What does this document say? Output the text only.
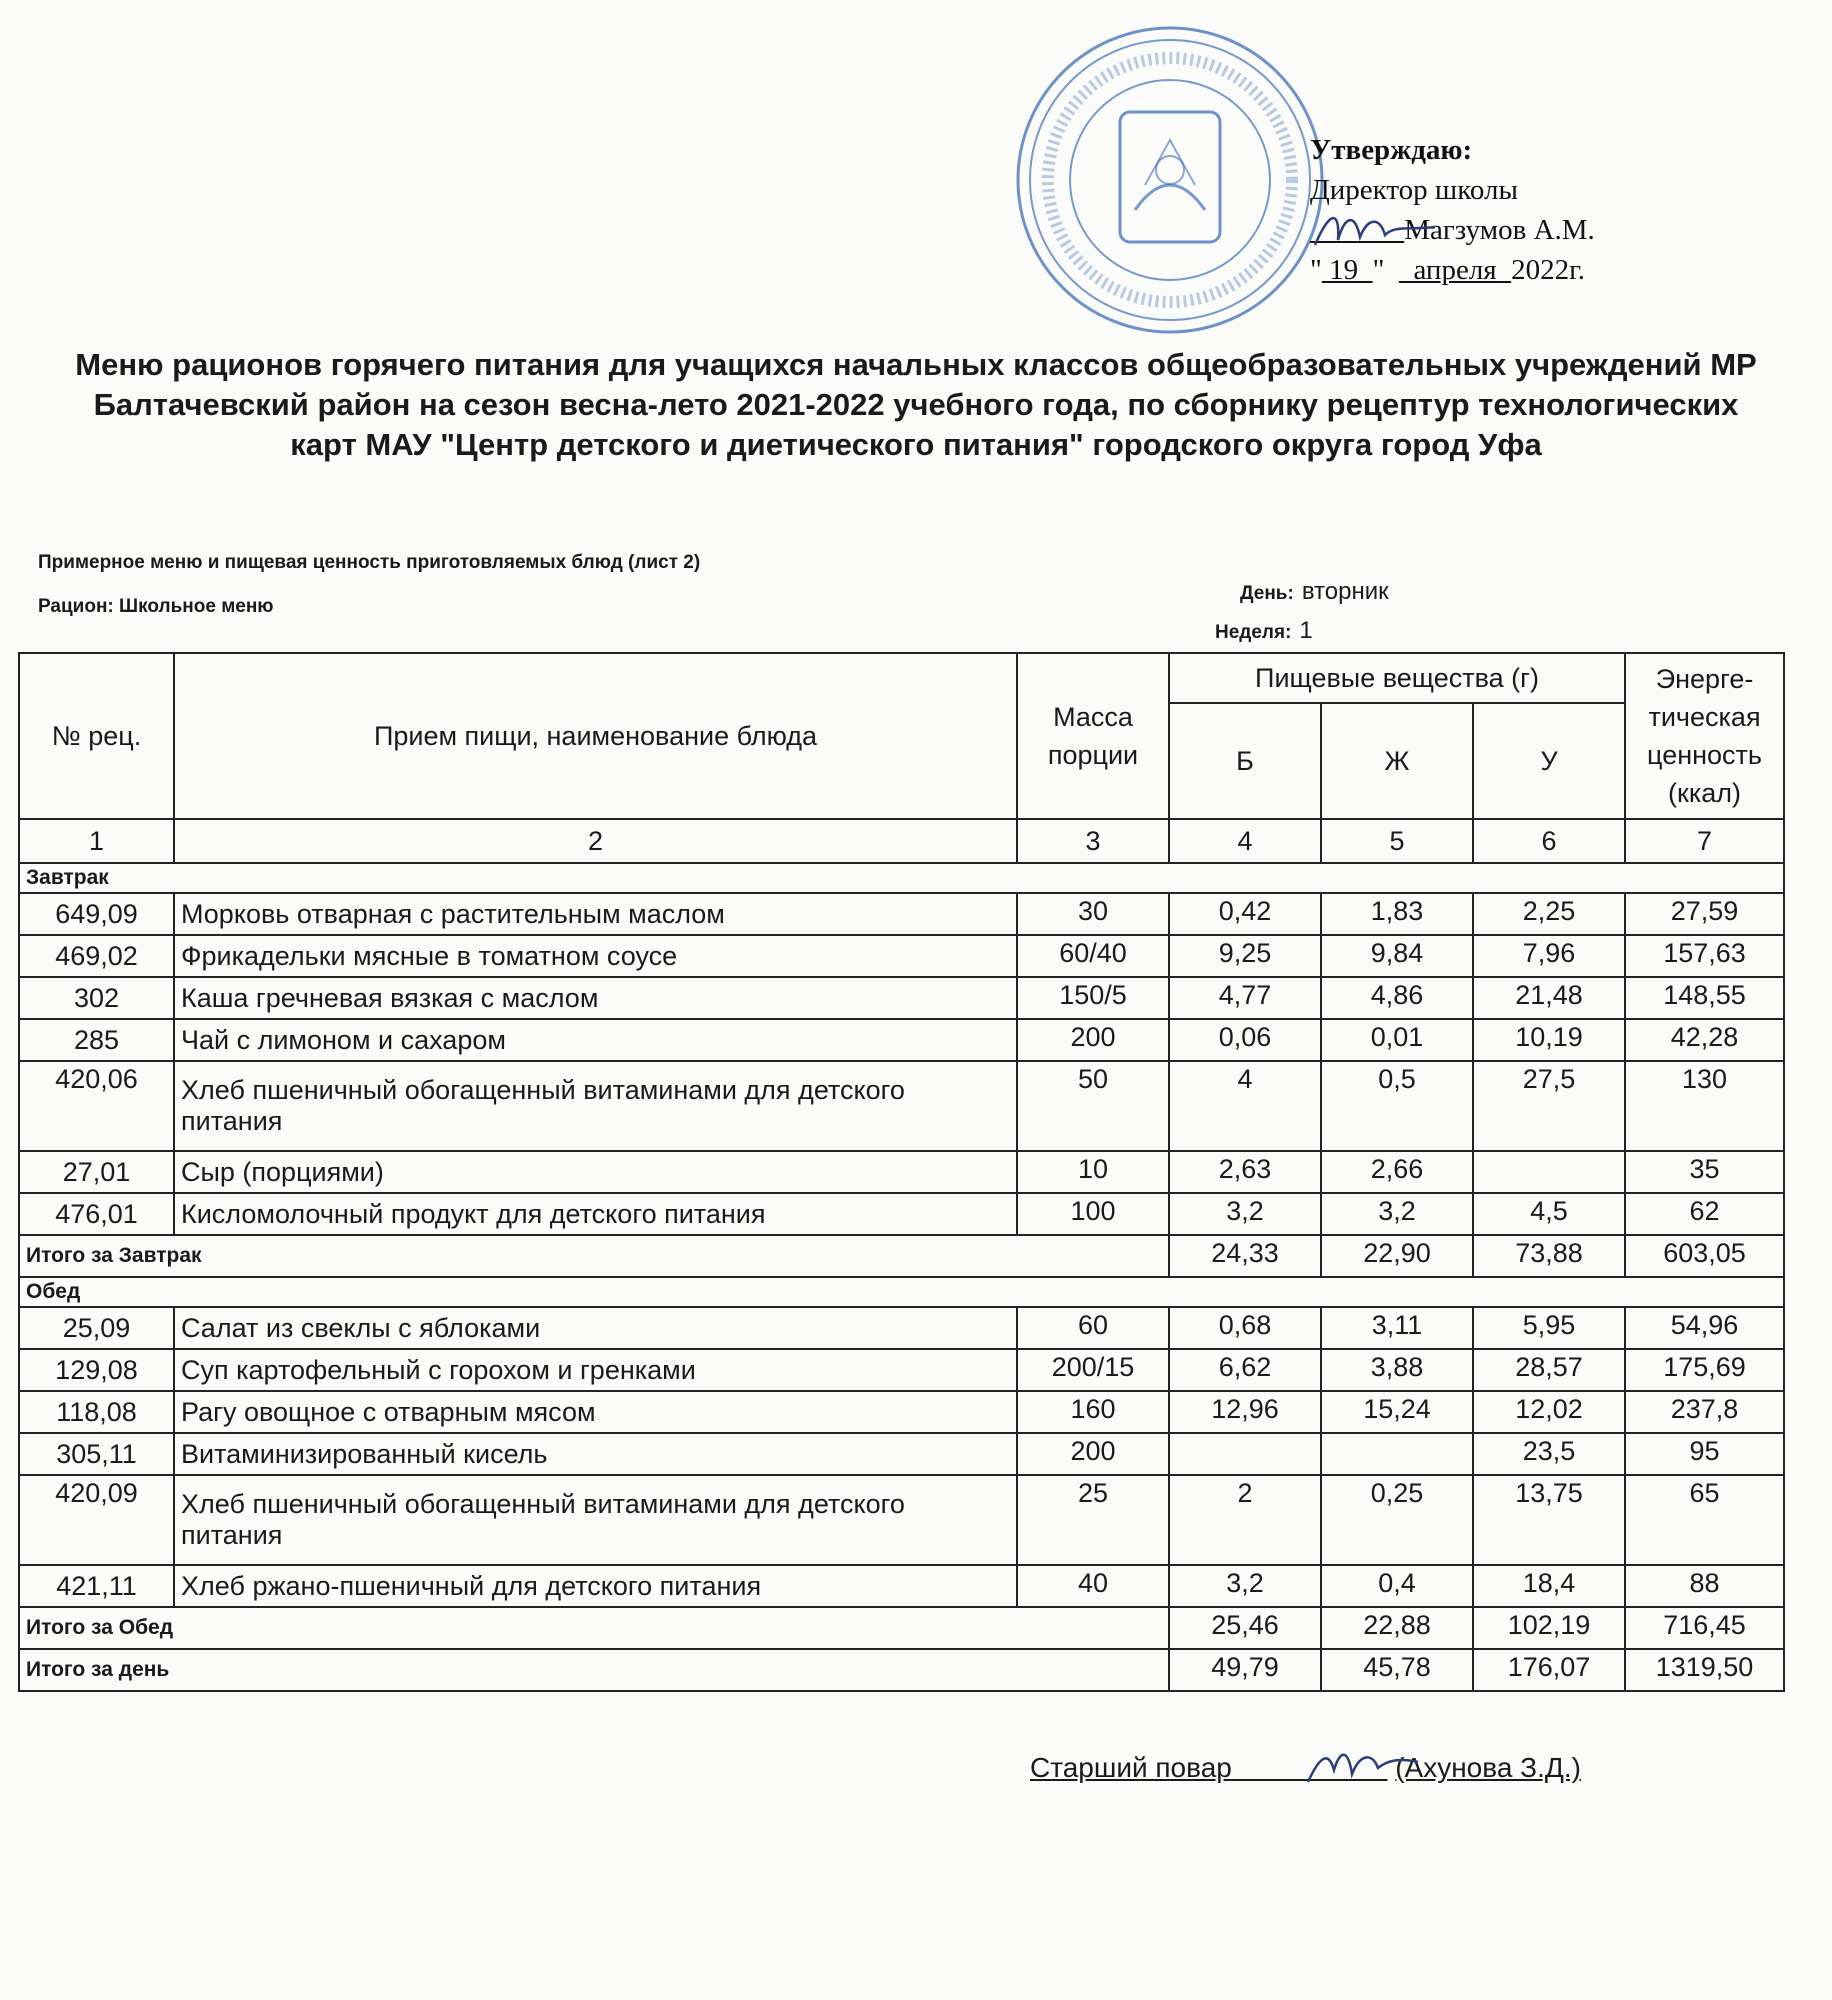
Утверждаю:
Директор школы
Магзумов А.М.
" 19 "    апреля 2022г.
Меню рационов горячего питания для учащихся начальных классов общеобразовательных учреждений МР Балтачевский район на сезон весна-лето 2021-2022 учебного года, по сборнику рецептур технологических карт МАУ "Центр детского и диетического питания" городского округа город Уфа
Примерное меню и пищевая ценность приготовляемых блюд (лист 2)
Рацион: Школьное меню
День: вторник
Неделя: 1
№ рец.	Прием пищи, наименование блюда	Масса порции	Пищевые вещества (г)			Энерге-тическая ценность (ккал)
			Б	Ж	У	
1	2	3	4	5	6	7
Завтрак						
649,09	Морковь отварная с растительным маслом	30	0,42	1,83	2,25	27,59
469,02	Фрикадельки мясные в томатном соусе	60/40	9,25	9,84	7,96	157,63
302	Каша гречневая вязкая с маслом	150/5	4,77	4,86	21,48	148,55
285	Чай с лимоном и сахаром	200	0,06	0,01	10,19	42,28
420,06	Хлеб пшеничный обогащенный витаминами для детского питания	50	4	0,5	27,5	130
27,01	Сыр (порциями)	10	2,63	2,66		35
476,01	Кисломолочный продукт для детского питания	100	3,2	3,2	4,5	62
Итого за Завтрак			24,33	22,90	73,88	603,05
Обед						
25,09	Салат из свеклы с яблоками	60	0,68	3,11	5,95	54,96
129,08	Суп картофельный с горохом и гренками	200/15	6,62	3,88	28,57	175,69
118,08	Рагу овощное с отварным мясом	160	12,96	15,24	12,02	237,8
305,11	Витаминизированный кисель	200			23,5	95
420,09	Хлеб пшеничный обогащенный витаминами для детского питания	25	2	0,25	13,75	65
421,11	Хлеб ржано-пшеничный для детского питания	40	3,2	0,4	18,4	88
Итого за Обед			25,46	22,88	102,19	716,45
Итого за день			49,79	45,78	176,07	1319,50
Старший повар	(Ахунова З.Д.)
